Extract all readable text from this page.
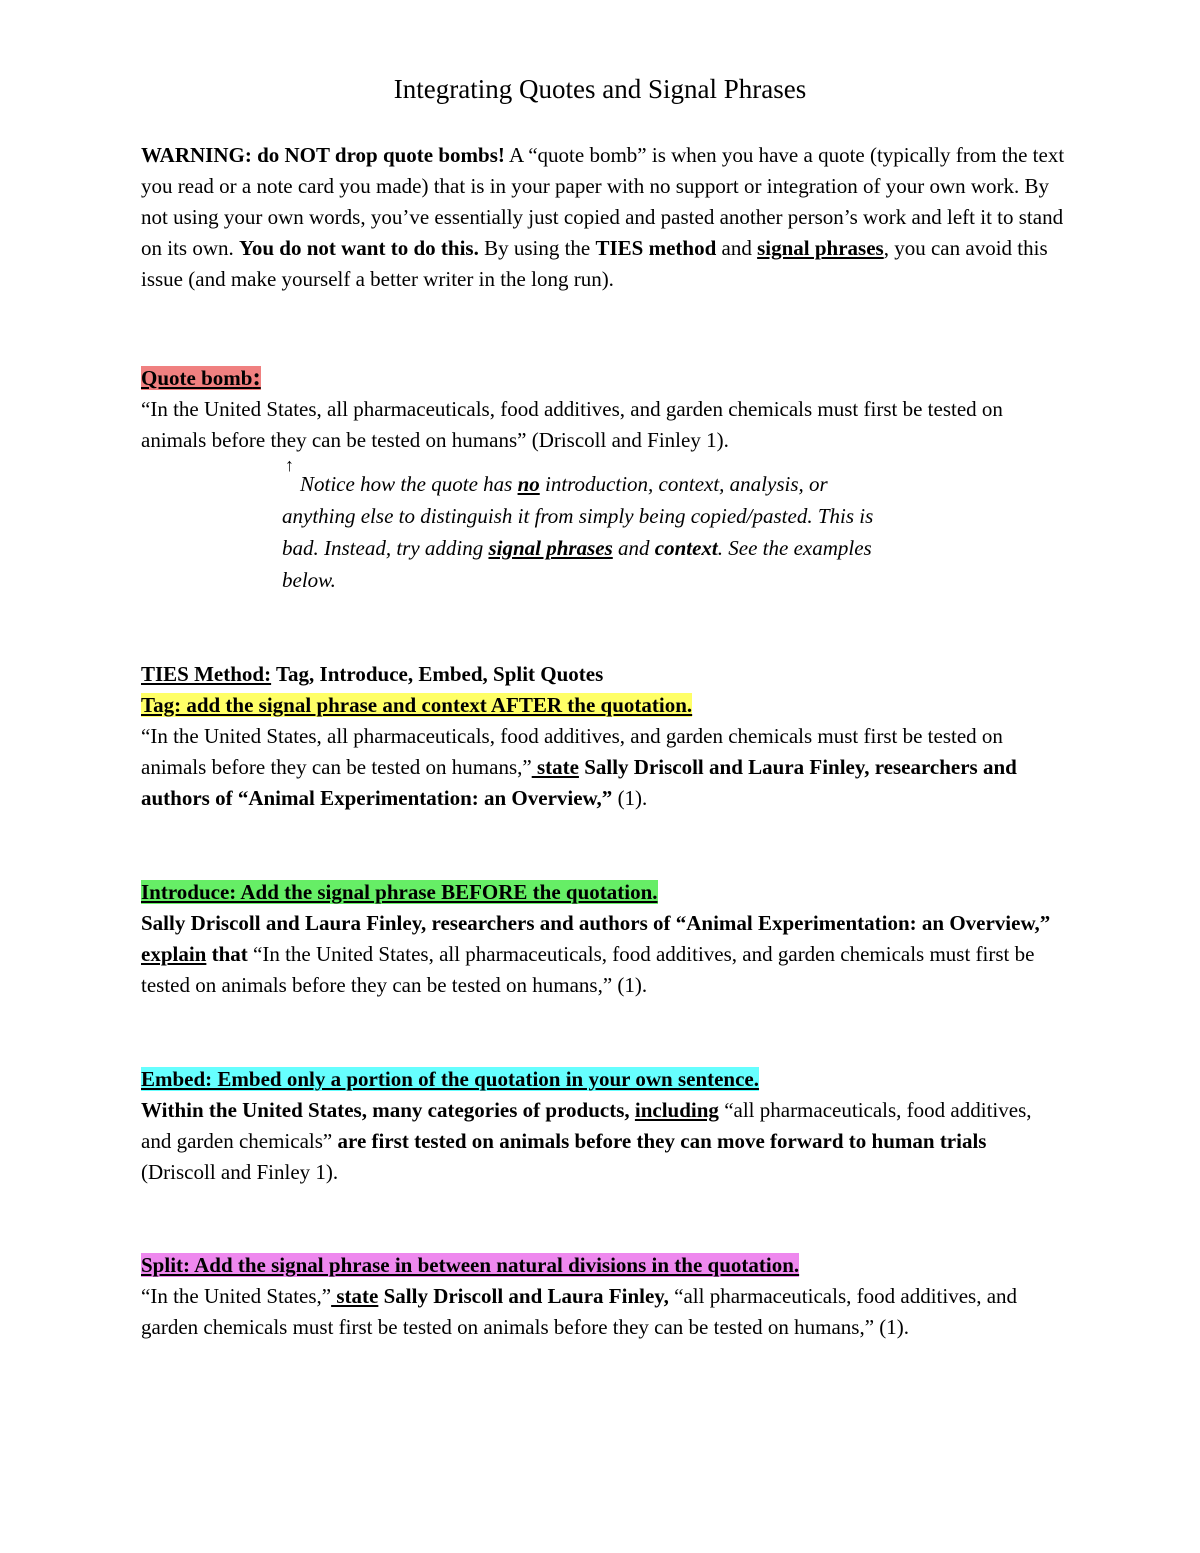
Integrating Quotes and Signal Phrases

WARNING: do NOT drop quote bombs! A “quote bomb” is when you have a quote (typically from the text you read or a note card you made) that is in your paper with no support or integration of your own work. By not using your own words, you’ve essentially just copied and pasted another person’s work and left it to stand on its own. You do not want to do this. By using the TIES method and signal phrases, you can avoid this issue (and make yourself a better writer in the long run).

Quote bomb:
“In the United States, all pharmaceuticals, food additives, and garden chemicals must first be tested on animals before they can be tested on humans” (Driscoll and Finley 1).
↑

Notice how the quote has no introduction, context, analysis, or anything else to distinguish it from simply being copied/pasted. This is bad. Instead, try adding signal phrases and context. See the examples below.

TIES Method: Tag, Introduce, Embed, Split Quotes
Tag: add the signal phrase and context AFTER the quotation.
“In the United States, all pharmaceuticals, food additives, and garden chemicals must first be tested on animals before they can be tested on humans,” state Sally Driscoll and Laura Finley, researchers and authors of “Animal Experimentation: an Overview,” (1).
Introduce: Add the signal phrase BEFORE the quotation.
Sally Driscoll and Laura Finley, researchers and authors of “Animal Experimentation: an Overview,” explain that “In the United States, all pharmaceuticals, food additives, and garden chemicals must first be tested on animals before they can be tested on humans,” (1).
Embed: Embed only a portion of the quotation in your own sentence.
Within the United States, many categories of products, including “all pharmaceuticals, food additives, and garden chemicals” are first tested on animals before they can move forward to human trials (Driscoll and Finley 1).
Split: Add the signal phrase in between natural divisions in the quotation.
“In the United States,” state Sally Driscoll and Laura Finley, “all pharmaceuticals, food additives, and garden chemicals must first be tested on animals before they can be tested on humans,” (1).
